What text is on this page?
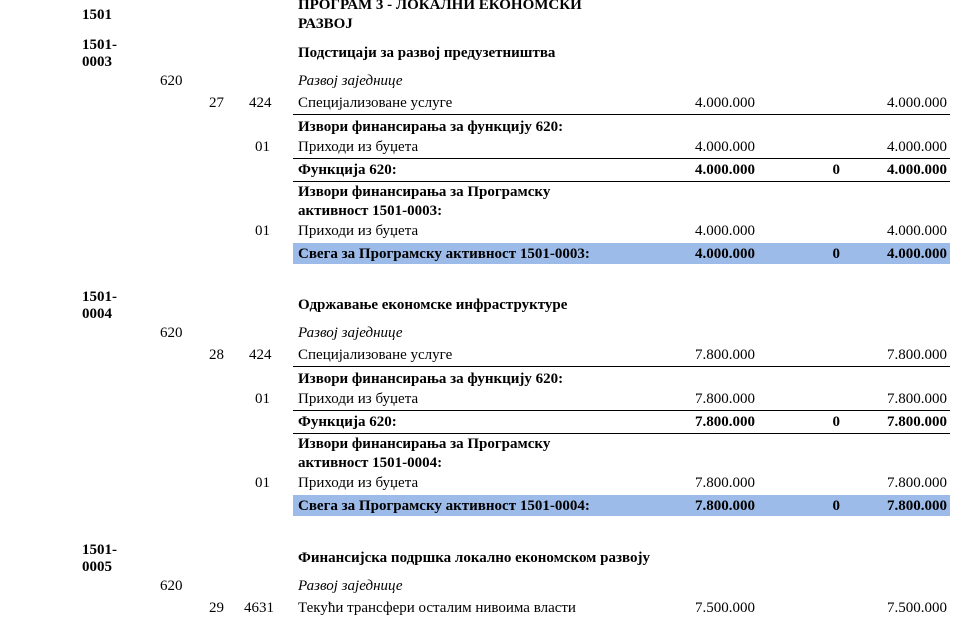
1501
ПРОГРАМ 3 - ЛОКАЛНИ ЕКОНОМСКИ
РАЗВОЈ
1501-
0003
Подстицаји за развој предузетништва
620	Развој заједнице
27 424 Специјализоване услуге	4.000.000	4.000.000
Извори финансирања за функцију 620:
01 Приходи из буџета	4.000.000	4.000.000
Функција 620:	4.000.000	0	4.000.000
Извори финансирања за Програмску
активност 1501-0003:
01 Приходи из буџета	4.000.000	4.000.000
Свега за Програмску активност 1501-0003:	4.000.000	0	4.000.000
1501-
0004
Одржавање економске инфраструктуре
620	Развој заједнице
28 424 Специјализоване услуге	7.800.000	7.800.000
Извори финансирања за функцију 620:
01 Приходи из буџета	7.800.000	7.800.000
Функција 620:	7.800.000	0	7.800.000
Извори финансирања за Програмску
активност 1501-0004:
01 Приходи из буџета	7.800.000	7.800.000
Свега за Програмску активност 1501-0004:	7.800.000	0	7.800.000
1501-
0005
Финансијска подршка локално економском развоју
620	Развој заједнице
29 4631 Текући трансфери осталим нивоима власти	7.500.000	7.500.000
